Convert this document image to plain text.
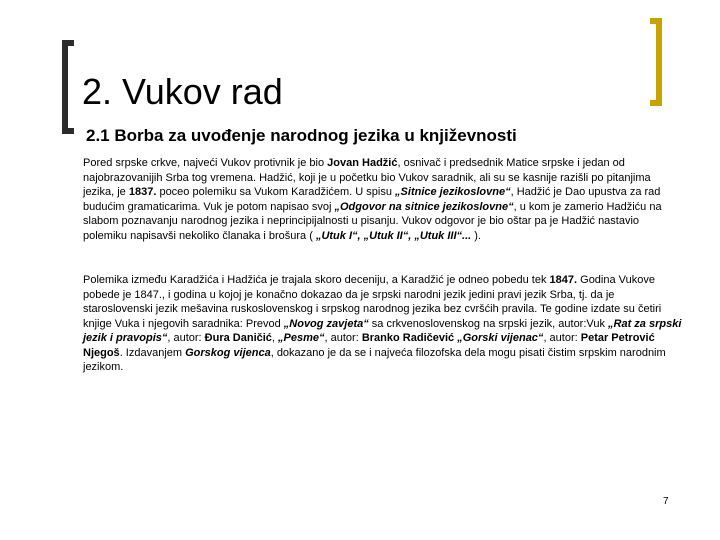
2. Vukov rad
2.1 Borba za uvođenje narodnog jezika u književnosti

Pored srpske crkve, najveći Vukov protivnik je bio Jovan Hadžić, osnivač i predsednik Matice srpske i jedan od najobrazovanijih Srba tog vremena. Hadžić, koji je u početku bio Vukov saradnik, ali su se kasnije razišli po pitanjima jezika, je 1837. poceo polemiku sa Vukom Karadžićem. U spisu „Sitnice jezikoslovne“, Hadžić je Dao upustva za rad budućim gramaticarima. Vuk je potom napisao svoj „Odgovor na sitnice jezikoslovne“, u kom je zamerio Hadžiću na slabom poznavanju narodnog jezika i neprincipijalnosti u pisanju. Vukov odgovor je bio oštar pa je Hadžić nastavio polemiku napisavši nekoliko članaka i brošura ( „Utuk I“, „Utuk II“, „Utuk III“... ).

Polemika između Karadžića i Hadžića je trajala skoro deceniju, a Karadžić je odneo pobedu tek 1847. Godina Vukove pobede je 1847., i godina u kojoj je konačno dokazao da je srpski narodni jezik jedini pravi jezik Srba, tj. da je staroslovenski jezik mešavina ruskoslovenskog i srpskog narodnog jezika bez cvršćih pravila. Te godine izdate su četiri knjige Vuka i njegovih saradnika: Prevod „Novog zavjeta“ sa crkvenoslovenskog na srpski jezik, autor:Vuk „Rat za srpski jezik i pravopis“, autor: Đura Daničić, „Pesme“, autor: Branko Radičević „Gorski vijenac“, autor: Petar Petrović Njegoš. Izdavanjem Gorskog vijenca, dokazano je da se i najveća filozofska dela mogu pisati čistim srpskim narodnim jezikom.

7
